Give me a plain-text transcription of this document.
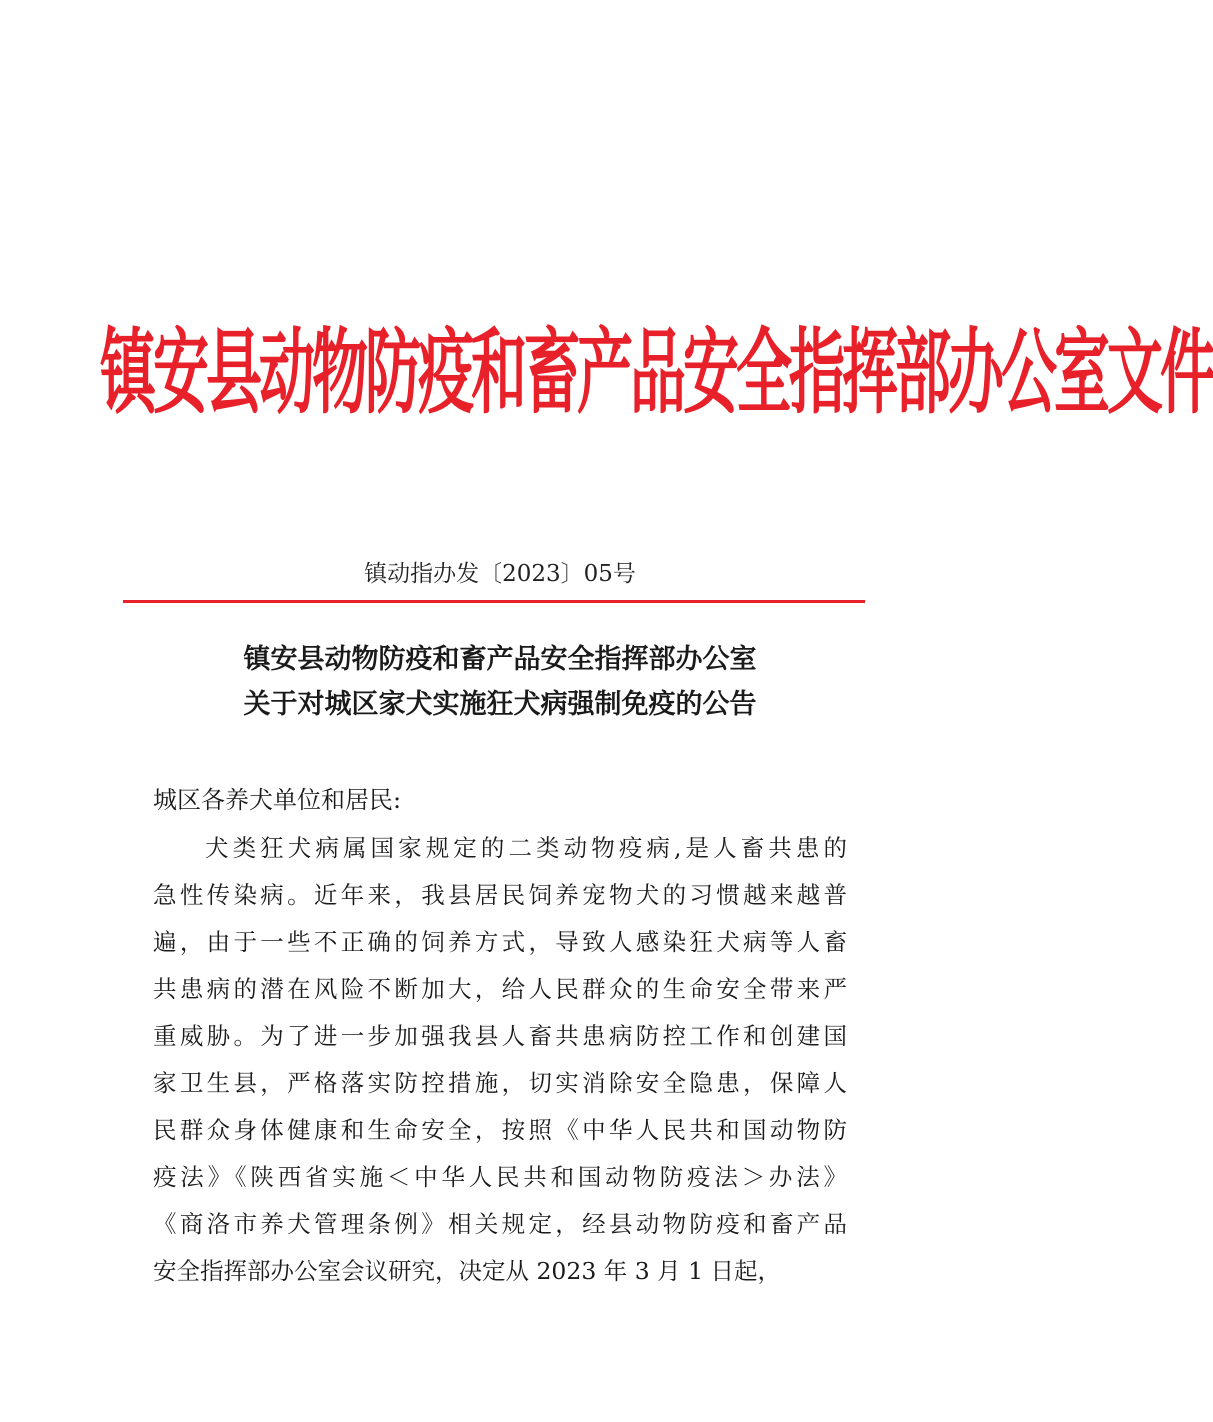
镇安县动物防疫和畜产品安全指挥部办公室文件
镇动指办发〔2023〕05号
镇安县动物防疫和畜产品安全指挥部办公室
关于对城区家犬实施狂犬病强制免疫的公告
城区各养犬单位和居民:
犬类狂犬病属国家规定的二类动物疫病,是人畜共患的
急性传染病。近年来，我县居民饲养宠物犬的习惯越来越普
遍，由于一些不正确的饲养方式，导致人感染狂犬病等人畜
共患病的潜在风险不断加大，给人民群众的生命安全带来严
重威胁。为了进一步加强我县人畜共患病防控工作和创建国
家卫生县，严格落实防控措施，切实消除安全隐患，保障人
民群众身体健康和生命安全，按照《中华人民共和国动物防
疫法》《陕西省实施＜中华人民共和国动物防疫法＞办法》
《商洛市养犬管理条例》相关规定，经县动物防疫和畜产品
安全指挥部办公室会议研究，决定从 2023 年 3 月 1 日起，
